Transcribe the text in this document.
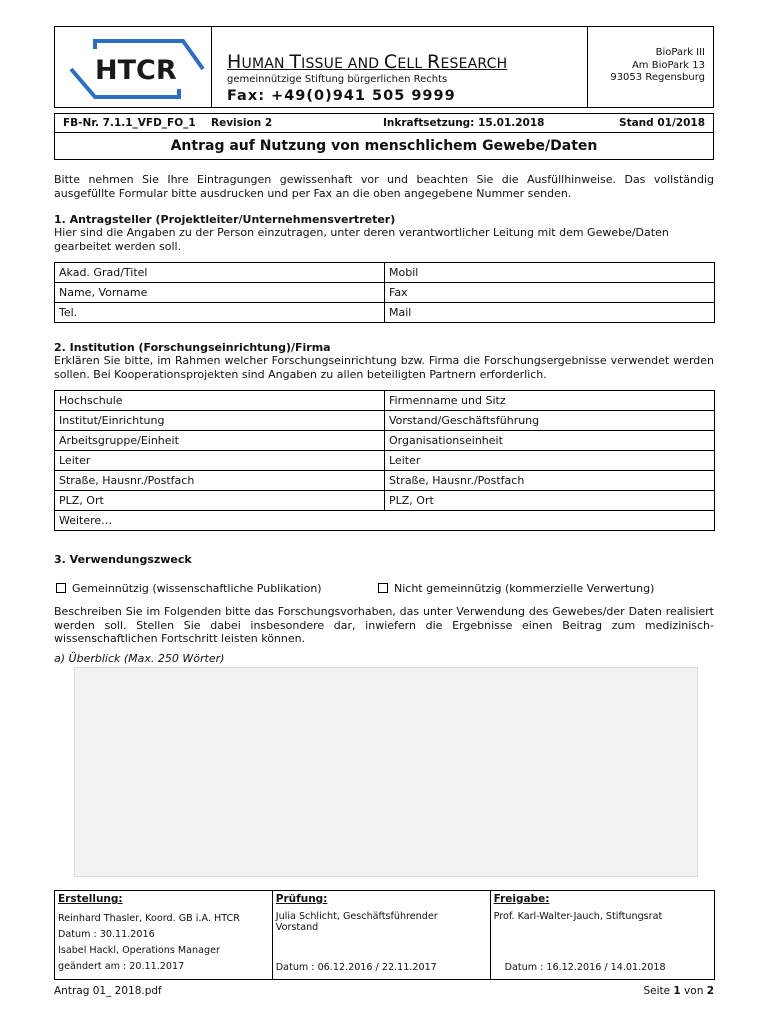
HTCR	HUMAN TISSUE AND CELL RESEARCH
gemeinnützige Stiftung bürgerlichen Rechts
Fax: +49(0)941 505 9999
BioPark III
Am BioPark 13
93053 Regensburg
FB-Nr. 7.1.1_VFD_FO_1 Revision 2	Inkraftsetzung: 15.01.2018	Stand 01/2018
Antrag auf Nutzung von menschlichem Gewebe/Daten
Bitte nehmen Sie Ihre Eintragungen gewissenhaft vor und beachten Sie die Ausfüllhinweise. Das vollständig ausgefüllte Formular bitte ausdrucken und per Fax an die oben angegebene Nummer senden.
1. Antragsteller (Projektleiter/Unternehmensvertreter)
Hier sind die Angaben zu der Person einzutragen, unter deren verantwortlicher Leitung mit dem Gewebe/Daten gearbeitet werden soll.
Akad. Grad/Titel	Mobil
Name, Vorname	Fax
Tel.	Mail
2. Institution (Forschungseinrichtung)/Firma
Erklären Sie bitte, im Rahmen welcher Forschungseinrichtung bzw. Firma die Forschungsergebnisse verwendet werden sollen. Bei Kooperationsprojekten sind Angaben zu allen beteiligten Partnern erforderlich.
Hochschule	Firmenname und Sitz
Institut/Einrichtung	Vorstand/Geschäftsführung
Arbeitsgruppe/Einheit	Organisationseinheit
Leiter	Leiter
Straße, Hausnr./Postfach	Straße, Hausnr./Postfach
PLZ, Ort	PLZ, Ort
Weitere…	
3. Verwendungszweck
Gemeinnützig (wissenschaftliche Publikation)	Nicht gemeinnützig (kommerzielle Verwertung)
Beschreiben Sie im Folgenden bitte das Forschungsvorhaben, das unter Verwendung des Gewebes/der Daten realisiert werden soll. Stellen Sie dabei insbesondere dar, inwiefern die Ergebnisse einen Beitrag zum medizinisch-wissenschaftlichen Fortschritt leisten können.
a) Überblick (Max. 250 Wörter)
Erstellung:
Reinhard Thasler, Koord. GB i.A. HTCR
Datum : 30.11.2016
Isabel Hackl, Operations Manager
geändert am : 20.11.2017

Prüfung:
Julia Schlicht, Geschäftsführender Vorstand
Datum : 06.12.2016 / 22.11.2017

Freigabe:
Prof. Karl-Walter-Jauch, Stiftungsrat
Datum : 16.12.2016 / 14.01.2018
Antrag 01_ 2018.pdf	Seite 1 von 2
